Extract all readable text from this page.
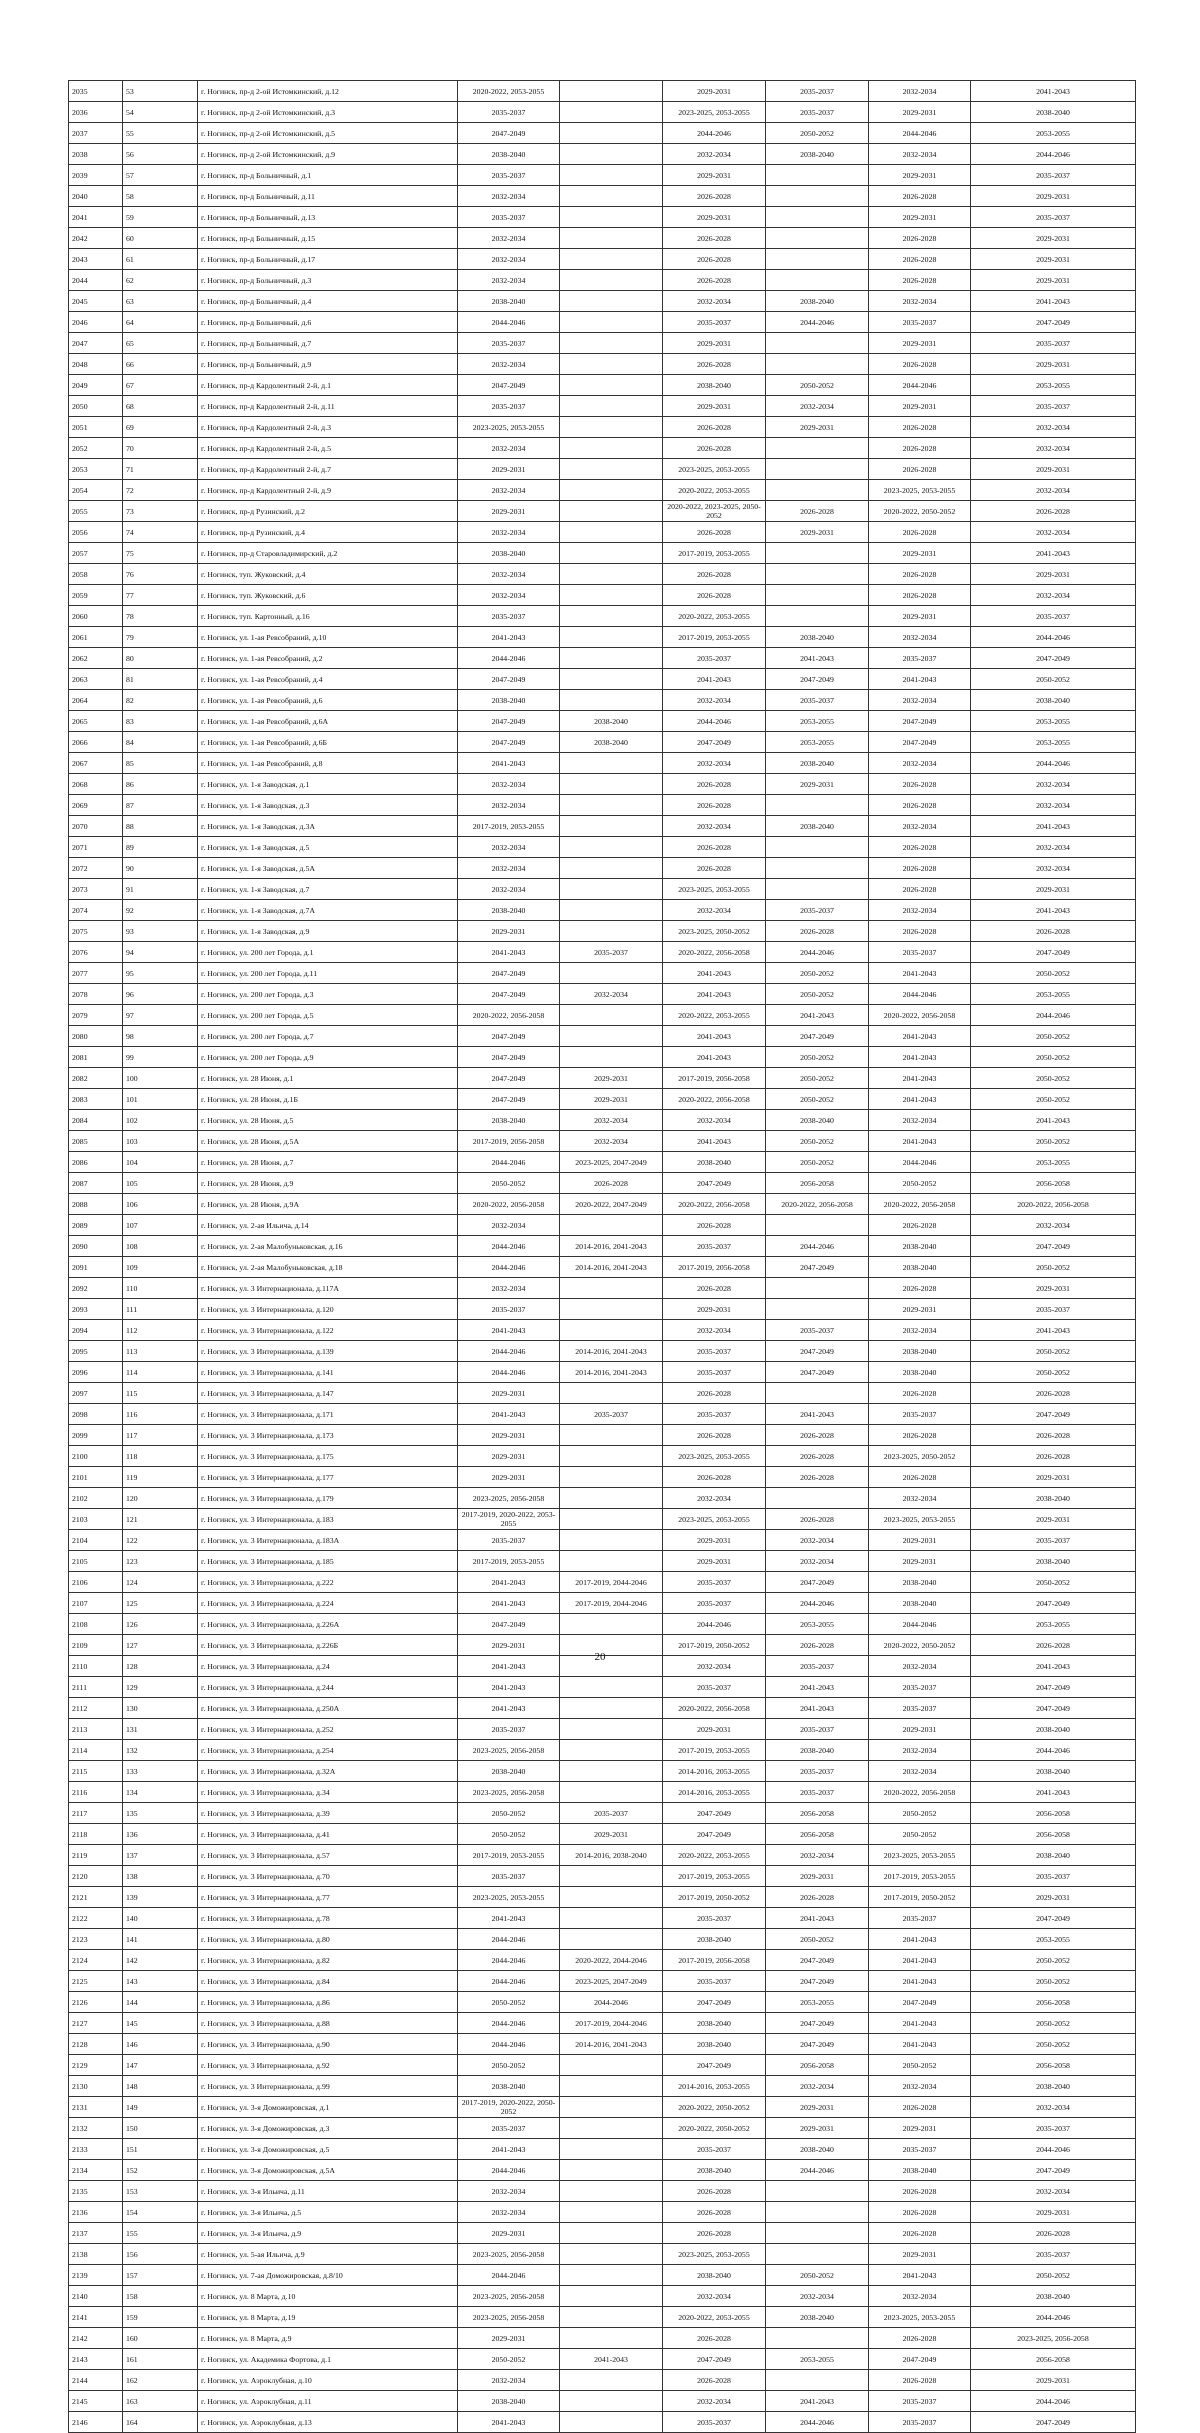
2035	53	г. Ногинск, пр-д 2-ой Истомкинский, д.12	2020-2022, 2053-2055		2029-2031	2035-2037	2032-2034	2041-2043
2036	54	г. Ногинск, пр-д 2-ой Истомкинский, д.3	2035-2037		2023-2025, 2053-2055	2035-2037	2029-2031	2038-2040
2037	55	г. Ногинск, пр-д 2-ой Истомкинский, д.5	2047-2049		2044-2046	2050-2052	2044-2046	2053-2055
2038	56	г. Ногинск, пр-д 2-ой Истомкинский, д.9	2038-2040		2032-2034	2038-2040	2032-2034	2044-2046
2039	57	г. Ногинск, пр-д Больничный, д.1	2035-2037		2029-2031		2029-2031	2035-2037
2040	58	г. Ногинск, пр-д Больничный, д.11	2032-2034		2026-2028		2026-2028	2029-2031
2041	59	г. Ногинск, пр-д Больничный, д.13	2035-2037		2029-2031		2029-2031	2035-2037
2042	60	г. Ногинск, пр-д Больничный, д.15	2032-2034		2026-2028		2026-2028	2029-2031
2043	61	г. Ногинск, пр-д Больничный, д.17	2032-2034		2026-2028		2026-2028	2029-2031
2044	62	г. Ногинск, пр-д Больничный, д.3	2032-2034		2026-2028		2026-2028	2029-2031
2045	63	г. Ногинск, пр-д Больничный, д.4	2038-2040		2032-2034	2038-2040	2032-2034	2041-2043
2046	64	г. Ногинск, пр-д Больничный, д.6	2044-2046		2035-2037	2044-2046	2035-2037	2047-2049
2047	65	г. Ногинск, пр-д Больничный, д.7	2035-2037		2029-2031		2029-2031	2035-2037
2048	66	г. Ногинск, пр-д Больничный, д.9	2032-2034		2026-2028		2026-2028	2029-2031
2049	67	г. Ногинск, пр-д Кардолентный 2-й, д.1	2047-2049		2038-2040	2050-2052	2044-2046	2053-2055
2050	68	г. Ногинск, пр-д Кардолентный 2-й, д.11	2035-2037		2029-2031	2032-2034	2029-2031	2035-2037
2051	69	г. Ногинск, пр-д Кардолентный 2-й, д.3	2023-2025, 2053-2055		2026-2028	2029-2031	2026-2028	2032-2034
2052	70	г. Ногинск, пр-д Кардолентный 2-й, д.5	2032-2034		2026-2028		2026-2028	2032-2034
2053	71	г. Ногинск, пр-д Кардолентный 2-й, д.7	2029-2031		2023-2025, 2053-2055		2026-2028	2029-2031
2054	72	г. Ногинск, пр-д Кардолентный 2-й, д.9	2032-2034		2020-2022, 2053-2055		2023-2025, 2053-2055	2032-2034
2055	73	г. Ногинск, пр-д Рузинский, д.2	2029-2031		2020-2022, 2023-2025, 2050-2052	2026-2028	2020-2022, 2050-2052	2026-2028
2056	74	г. Ногинск, пр-д Рузинский, д.4	2032-2034		2026-2028	2029-2031	2026-2028	2032-2034
2057	75	г. Ногинск, пр-д Старовладимирский, д.2	2038-2040		2017-2019, 2053-2055		2029-2031	2041-2043
2058	76	г. Ногинск, туп. Жуковский, д.4	2032-2034		2026-2028		2026-2028	2029-2031
2059	77	г. Ногинск, туп. Жуковский, д.6	2032-2034		2026-2028		2026-2028	2032-2034
2060	78	г. Ногинск, туп. Картонный, д.16	2035-2037		2020-2022, 2053-2055		2029-2031	2035-2037
2061	79	г. Ногинск, ул. 1-ая Ревсобраний, д.10	2041-2043		2017-2019, 2053-2055	2038-2040	2032-2034	2044-2046
2062	80	г. Ногинск, ул. 1-ая Ревсобраний, д.2	2044-2046		2035-2037	2041-2043	2035-2037	2047-2049
2063	81	г. Ногинск, ул. 1-ая Ревсобраний, д.4	2047-2049		2041-2043	2047-2049	2041-2043	2050-2052
2064	82	г. Ногинск, ул. 1-ая Ревсобраний, д.6	2038-2040		2032-2034	2035-2037	2032-2034	2038-2040
2065	83	г. Ногинск, ул. 1-ая Ревсобраний, д.6А	2047-2049	2038-2040	2044-2046	2053-2055	2047-2049	2053-2055
2066	84	г. Ногинск, ул. 1-ая Ревсобраний, д.6Б	2047-2049	2038-2040	2047-2049	2053-2055	2047-2049	2053-2055
2067	85	г. Ногинск, ул. 1-ая Ревсобраний, д.8	2041-2043		2032-2034	2038-2040	2032-2034	2044-2046
2068	86	г. Ногинск, ул. 1-я Заводская, д.1	2032-2034		2026-2028	2029-2031	2026-2028	2032-2034
2069	87	г. Ногинск, ул. 1-я Заводская, д.3	2032-2034		2026-2028		2026-2028	2032-2034
2070	88	г. Ногинск, ул. 1-я Заводская, д.3А	2017-2019, 2053-2055		2032-2034	2038-2040	2032-2034	2041-2043
2071	89	г. Ногинск, ул. 1-я Заводская, д.5	2032-2034		2026-2028		2026-2028	2032-2034
2072	90	г. Ногинск, ул. 1-я Заводская, д.5А	2032-2034		2026-2028		2026-2028	2032-2034
2073	91	г. Ногинск, ул. 1-я Заводская, д.7	2032-2034		2023-2025, 2053-2055		2026-2028	2029-2031
2074	92	г. Ногинск, ул. 1-я Заводская, д.7А	2038-2040		2032-2034	2035-2037	2032-2034	2041-2043
2075	93	г. Ногинск, ул. 1-я Заводская, д.9	2029-2031		2023-2025, 2050-2052	2026-2028	2026-2028	2026-2028
2076	94	г. Ногинск, ул. 200 лет Города, д.1	2041-2043	2035-2037	2020-2022, 2056-2058	2044-2046	2035-2037	2047-2049
2077	95	г. Ногинск, ул. 200 лет Города, д.11	2047-2049		2041-2043	2050-2052	2041-2043	2050-2052
2078	96	г. Ногинск, ул. 200 лет Города, д.3	2047-2049	2032-2034	2041-2043	2050-2052	2044-2046	2053-2055
2079	97	г. Ногинск, ул. 200 лет Города, д.5	2020-2022, 2056-2058		2020-2022, 2053-2055	2041-2043	2020-2022, 2056-2058	2044-2046
2080	98	г. Ногинск, ул. 200 лет Города, д.7	2047-2049		2041-2043	2047-2049	2041-2043	2050-2052
2081	99	г. Ногинск, ул. 200 лет Города, д.9	2047-2049		2041-2043	2050-2052	2041-2043	2050-2052
2082	100	г. Ногинск, ул. 28 Июня, д.1	2047-2049	2029-2031	2017-2019, 2056-2058	2050-2052	2041-2043	2050-2052
2083	101	г. Ногинск, ул. 28 Июня, д.1Б	2047-2049	2029-2031	2020-2022, 2056-2058	2050-2052	2041-2043	2050-2052
2084	102	г. Ногинск, ул. 28 Июня, д.5	2038-2040	2032-2034	2032-2034	2038-2040	2032-2034	2041-2043
2085	103	г. Ногинск, ул. 28 Июня, д.5А	2017-2019, 2056-2058	2032-2034	2041-2043	2050-2052	2041-2043	2050-2052
2086	104	г. Ногинск, ул. 28 Июня, д.7	2044-2046	2023-2025, 2047-2049	2038-2040	2050-2052	2044-2046	2053-2055
2087	105	г. Ногинск, ул. 28 Июня, д.9	2050-2052	2026-2028	2047-2049	2056-2058	2050-2052	2056-2058
2088	106	г. Ногинск, ул. 28 Июня, д.9А	2020-2022, 2056-2058	2020-2022, 2047-2049	2020-2022, 2056-2058	2020-2022, 2056-2058	2020-2022, 2056-2058	2020-2022, 2056-2058
2089	107	г. Ногинск, ул. 2-ая Ильича, д.14	2032-2034		2026-2028		2026-2028	2032-2034
2090	108	г. Ногинск, ул. 2-ая Малобуньковская, д.16	2044-2046	2014-2016, 2041-2043	2035-2037	2044-2046	2038-2040	2047-2049
2091	109	г. Ногинск, ул. 2-ая Малобуньковская, д.18	2044-2046	2014-2016, 2041-2043	2017-2019, 2056-2058	2047-2049	2038-2040	2050-2052
2092	110	г. Ногинск, ул. 3 Интернационала, д.117А	2032-2034		2026-2028		2026-2028	2029-2031
2093	111	г. Ногинск, ул. 3 Интернационала, д.120	2035-2037		2029-2031		2029-2031	2035-2037
2094	112	г. Ногинск, ул. 3 Интернационала, д.122	2041-2043		2032-2034	2035-2037	2032-2034	2041-2043
2095	113	г. Ногинск, ул. 3 Интернационала, д.139	2044-2046	2014-2016, 2041-2043	2035-2037	2047-2049	2038-2040	2050-2052
2096	114	г. Ногинск, ул. 3 Интернационала, д.141	2044-2046	2014-2016, 2041-2043	2035-2037	2047-2049	2038-2040	2050-2052
2097	115	г. Ногинск, ул. 3 Интернационала, д.147	2029-2031		2026-2028		2026-2028	2026-2028
2098	116	г. Ногинск, ул. 3 Интернационала, д.171	2041-2043	2035-2037	2035-2037	2041-2043	2035-2037	2047-2049
2099	117	г. Ногинск, ул. 3 Интернационала, д.173	2029-2031		2026-2028	2026-2028	2026-2028	2026-2028
2100	118	г. Ногинск, ул. 3 Интернационала, д.175	2029-2031		2023-2025, 2053-2055	2026-2028	2023-2025, 2050-2052	2026-2028
2101	119	г. Ногинск, ул. 3 Интернационала, д.177	2029-2031		2026-2028	2026-2028	2026-2028	2029-2031
2102	120	г. Ногинск, ул. 3 Интернационала, д.179	2023-2025, 2056-2058		2032-2034		2032-2034	2038-2040
2103	121	г. Ногинск, ул. 3 Интернационала, д.183	2017-2019, 2020-2022, 2053-2055		2023-2025, 2053-2055	2026-2028	2023-2025, 2053-2055	2029-2031
2104	122	г. Ногинск, ул. 3 Интернационала, д.183А	2035-2037		2029-2031	2032-2034	2029-2031	2035-2037
2105	123	г. Ногинск, ул. 3 Интернационала, д.185	2017-2019, 2053-2055		2029-2031	2032-2034	2029-2031	2038-2040
2106	124	г. Ногинск, ул. 3 Интернационала, д.222	2041-2043	2017-2019, 2044-2046	2035-2037	2047-2049	2038-2040	2050-2052
2107	125	г. Ногинск, ул. 3 Интернационала, д.224	2041-2043	2017-2019, 2044-2046	2035-2037	2044-2046	2038-2040	2047-2049
2108	126	г. Ногинск, ул. 3 Интернационала, д.226А	2047-2049		2044-2046	2053-2055	2044-2046	2053-2055
2109	127	г. Ногинск, ул. 3 Интернационала, д.226Б	2029-2031		2017-2019, 2050-2052	2026-2028	2020-2022, 2050-2052	2026-2028
2110	128	г. Ногинск, ул. 3 Интернационала, д.24	2041-2043		2032-2034	2035-2037	2032-2034	2041-2043
2111	129	г. Ногинск, ул. 3 Интернационала, д.244	2041-2043		2035-2037	2041-2043	2035-2037	2047-2049
2112	130	г. Ногинск, ул. 3 Интернационала, д.250А	2041-2043		2020-2022, 2056-2058	2041-2043	2035-2037	2047-2049
2113	131	г. Ногинск, ул. 3 Интернационала, д.252	2035-2037		2029-2031	2035-2037	2029-2031	2038-2040
2114	132	г. Ногинск, ул. 3 Интернационала, д.254	2023-2025, 2056-2058		2017-2019, 2053-2055	2038-2040	2032-2034	2044-2046
2115	133	г. Ногинск, ул. 3 Интернационала, д.32А	2038-2040		2014-2016, 2053-2055	2035-2037	2032-2034	2038-2040
2116	134	г. Ногинск, ул. 3 Интернационала, д.34	2023-2025, 2056-2058		2014-2016, 2053-2055	2035-2037	2020-2022, 2056-2058	2041-2043
2117	135	г. Ногинск, ул. 3 Интернационала, д.39	2050-2052	2035-2037	2047-2049	2056-2058	2050-2052	2056-2058
2118	136	г. Ногинск, ул. 3 Интернационала, д.41	2050-2052	2029-2031	2047-2049	2056-2058	2050-2052	2056-2058
2119	137	г. Ногинск, ул. 3 Интернационала, д.57	2017-2019, 2053-2055	2014-2016, 2038-2040	2020-2022, 2053-2055	2032-2034	2023-2025, 2053-2055	2038-2040
2120	138	г. Ногинск, ул. 3 Интернационала, д.70	2035-2037		2017-2019, 2053-2055	2029-2031	2017-2019, 2053-2055	2035-2037
2121	139	г. Ногинск, ул. 3 Интернационала, д.77	2023-2025, 2053-2055		2017-2019, 2050-2052	2026-2028	2017-2019, 2050-2052	2029-2031
2122	140	г. Ногинск, ул. 3 Интернационала, д.78	2041-2043		2035-2037	2041-2043	2035-2037	2047-2049
2123	141	г. Ногинск, ул. 3 Интернационала, д.80	2044-2046		2038-2040	2050-2052	2041-2043	2053-2055
2124	142	г. Ногинск, ул. 3 Интернационала, д.82	2044-2046	2020-2022, 2044-2046	2017-2019, 2056-2058	2047-2049	2041-2043	2050-2052
2125	143	г. Ногинск, ул. 3 Интернационала, д.84	2044-2046	2023-2025, 2047-2049	2035-2037	2047-2049	2041-2043	2050-2052
2126	144	г. Ногинск, ул. 3 Интернационала, д.86	2050-2052	2044-2046	2047-2049	2053-2055	2047-2049	2056-2058
2127	145	г. Ногинск, ул. 3 Интернационала, д.88	2044-2046	2017-2019, 2044-2046	2038-2040	2047-2049	2041-2043	2050-2052
2128	146	г. Ногинск, ул. 3 Интернационала, д.90	2044-2046	2014-2016, 2041-2043	2038-2040	2047-2049	2041-2043	2050-2052
2129	147	г. Ногинск, ул. 3 Интернационала, д.92	2050-2052		2047-2049	2056-2058	2050-2052	2056-2058
2130	148	г. Ногинск, ул. 3 Интернационала, д.99	2038-2040		2014-2016, 2053-2055	2032-2034	2032-2034	2038-2040
2131	149	г. Ногинск, ул. 3-я Доможировская, д.1	2017-2019, 2020-2022, 2050-2052		2020-2022, 2050-2052	2029-2031	2026-2028	2032-2034
2132	150	г. Ногинск, ул. 3-я Доможировская, д.3	2035-2037		2020-2022, 2050-2052	2029-2031	2029-2031	2035-2037
2133	151	г. Ногинск, ул. 3-я Доможировская, д.5	2041-2043		2035-2037	2038-2040	2035-2037	2044-2046
2134	152	г. Ногинск, ул. 3-я Доможировская, д.5А	2044-2046		2038-2040	2044-2046	2038-2040	2047-2049
2135	153	г. Ногинск, ул. 3-я Ильича, д.11	2032-2034		2026-2028		2026-2028	2032-2034
2136	154	г. Ногинск, ул. 3-я Ильича, д.5	2032-2034		2026-2028		2026-2028	2029-2031
2137	155	г. Ногинск, ул. 3-я Ильича, д.9	2029-2031		2026-2028		2026-2028	2026-2028
2138	156	г. Ногинск, ул. 5-ая Ильича, д.9	2023-2025, 2056-2058		2023-2025, 2053-2055		2029-2031	2035-2037
2139	157	г. Ногинск, ул. 7-ая Доможировская, д.8/10	2044-2046		2038-2040	2050-2052	2041-2043	2050-2052
2140	158	г. Ногинск, ул. 8 Марта, д.10	2023-2025, 2056-2058		2032-2034	2032-2034	2032-2034	2038-2040
2141	159	г. Ногинск, ул. 8 Марта, д.19	2023-2025, 2056-2058		2020-2022, 2053-2055	2038-2040	2023-2025, 2053-2055	2044-2046
2142	160	г. Ногинск, ул. 8 Марта, д.9	2029-2031		2026-2028		2026-2028	2023-2025, 2056-2058
2143	161	г. Ногинск, ул. Академика Фортова, д.1	2050-2052	2041-2043	2047-2049	2053-2055	2047-2049	2056-2058
2144	162	г. Ногинск, ул. Аэроклубная, д.10	2032-2034		2026-2028		2026-2028	2029-2031
2145	163	г. Ногинск, ул. Аэроклубная, д.11	2038-2040		2032-2034	2041-2043	2035-2037	2044-2046
2146	164	г. Ногинск, ул. Аэроклубная, д.13	2041-2043		2035-2037	2044-2046	2035-2037	2047-2049
20
